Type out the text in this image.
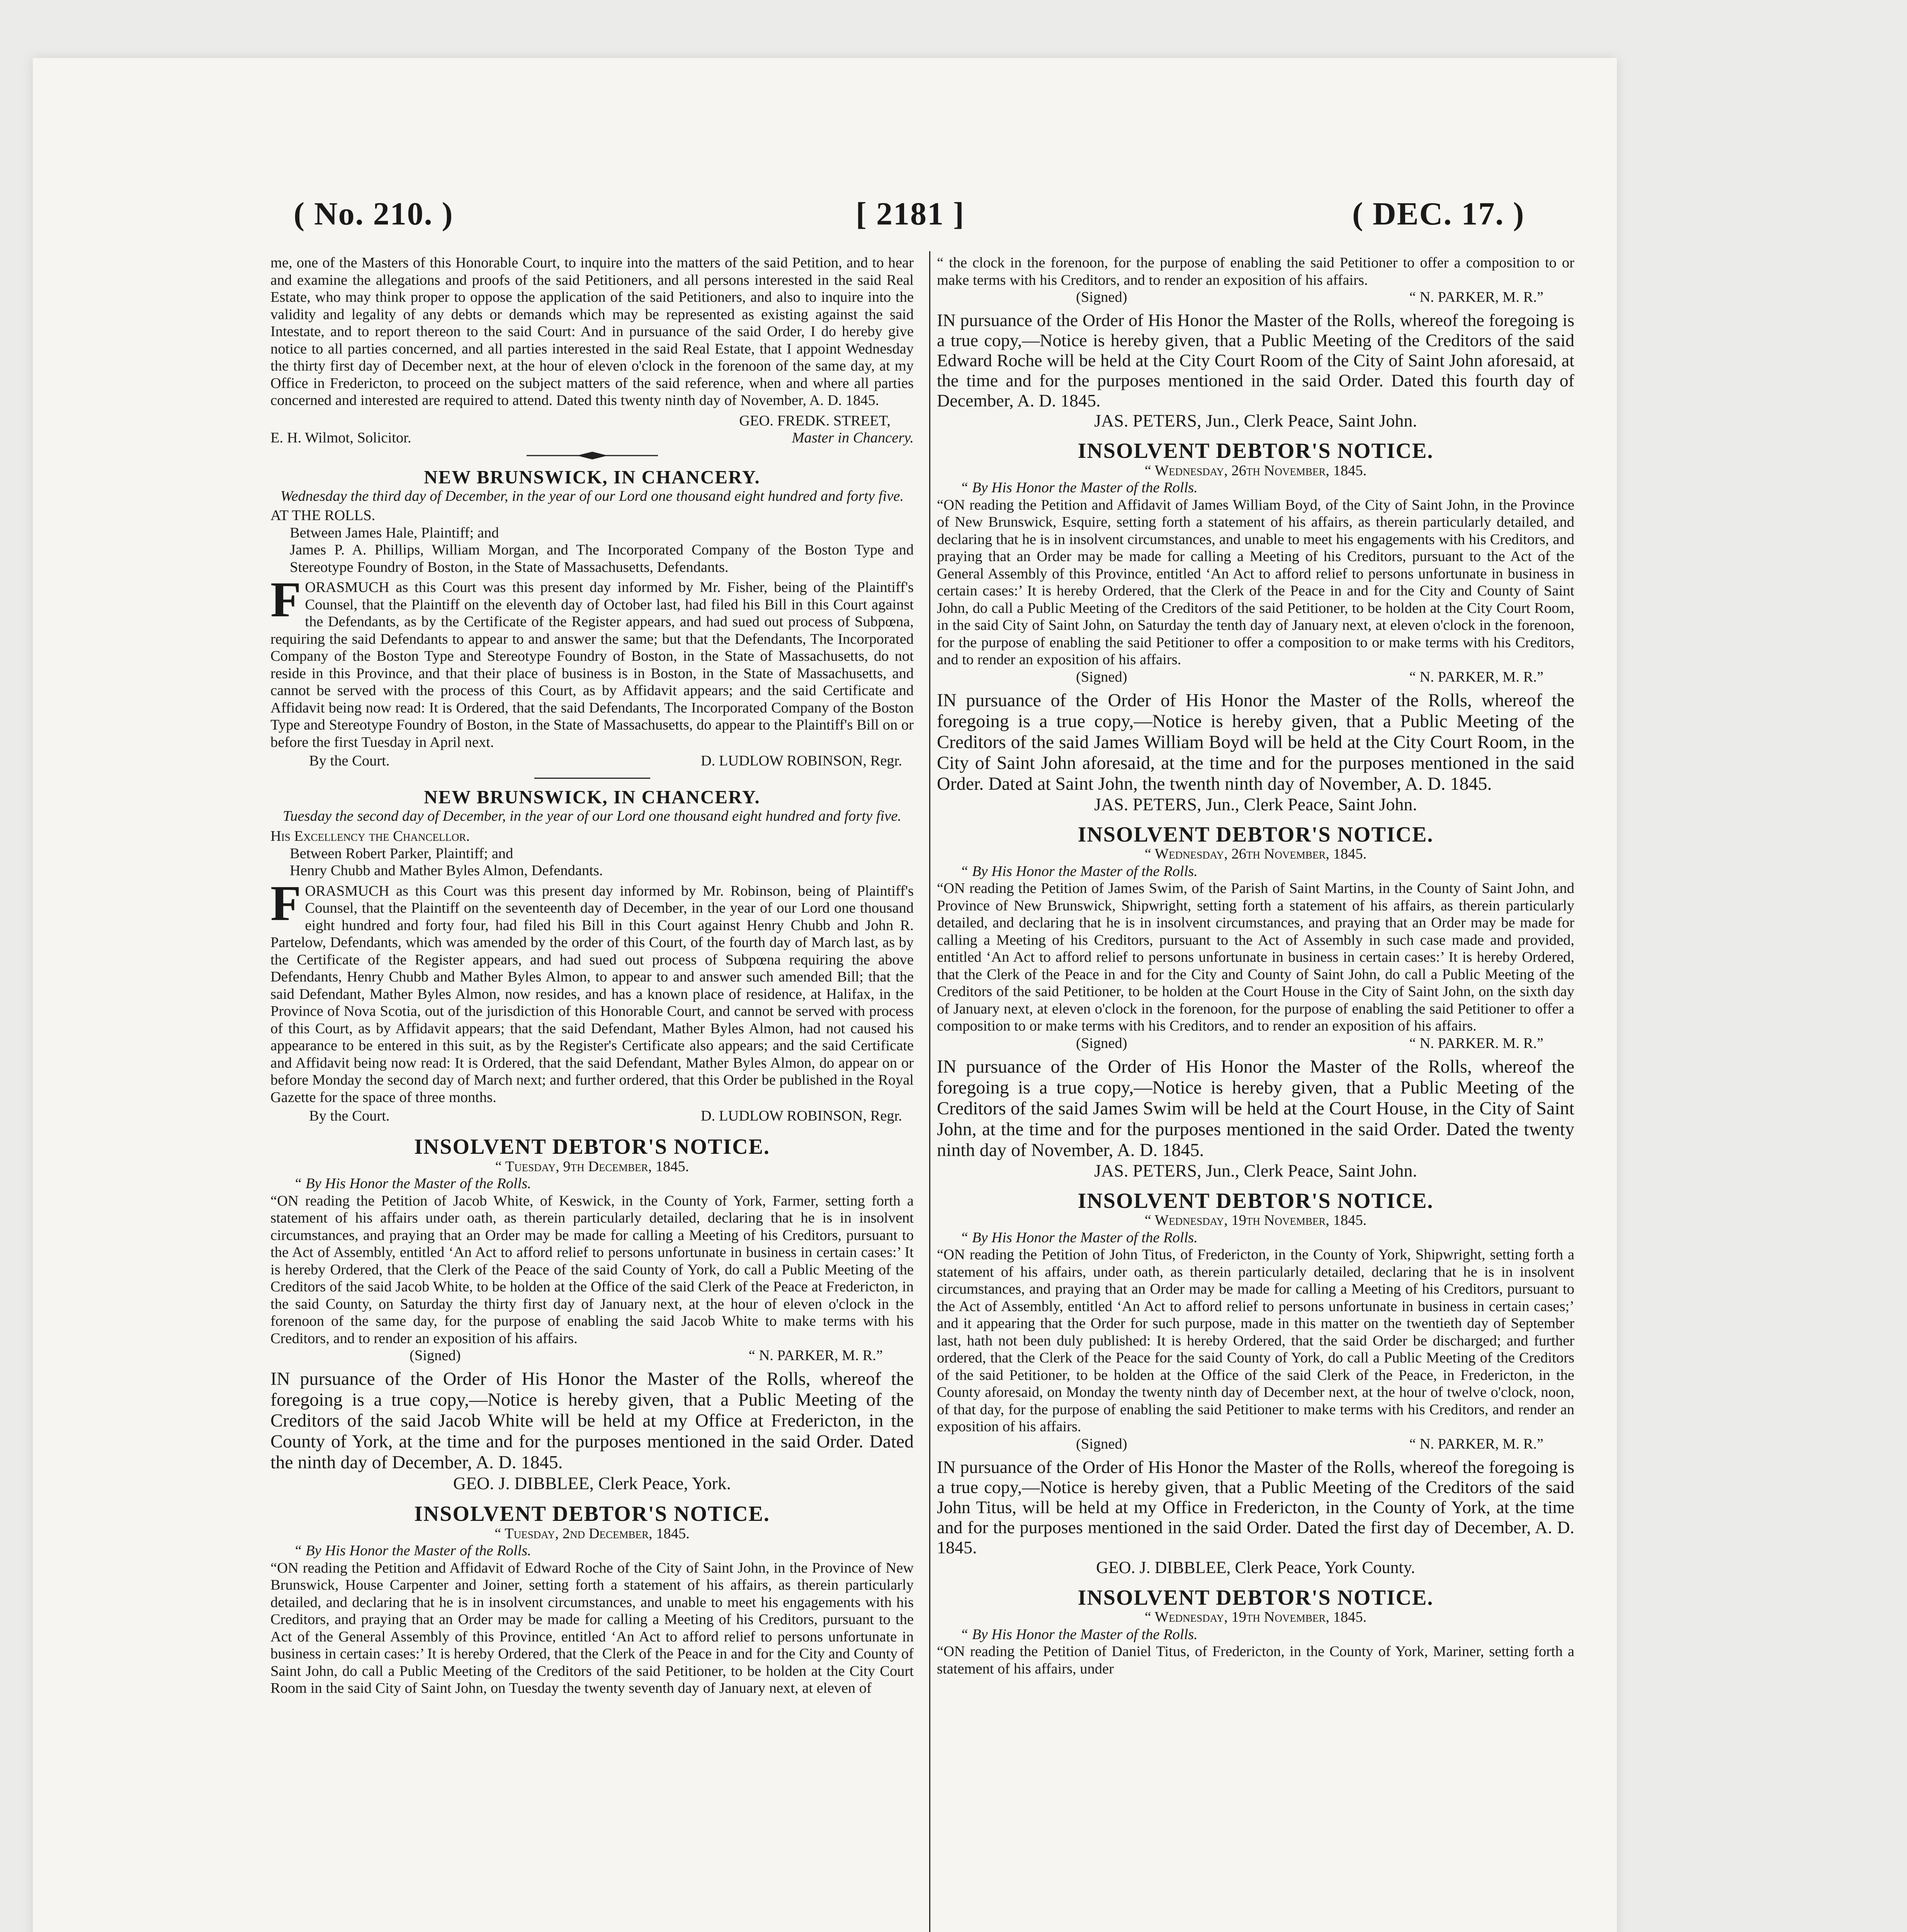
( No. 210. )	[ 2181 ]	( DEC. 17. )

me, one of the Masters of this Honorable Court, to inquire into the matters of the said Petition, and to hear and examine the allegations and proofs of the said Petitioners, and all persons interested in the said Real Estate, who may think proper to oppose the application of the said Petitioners, and also to inquire into the validity and legality of any debts or demands which may be represented as existing against the said Intestate, and to report thereon to the said Court: And in pursuance of the said Order, I do hereby give notice to all parties concerned, and all parties interested in the said Real Estate, that I appoint Wednesday the thirty first day of December next, at the hour of eleven o'clock in the forenoon of the same day, at my Office in Fredericton, to proceed on the subject matters of the said reference, when and where all parties concerned and interested are required to attend. Dated this twenty ninth day of November, A. D. 1845.

GEO. FREDK. STREET,
E. H. Wilmot, Solicitor.	Master in Chancery.
NEW BRUNSWICK, IN CHANCERY.

Wednesday the third day of December, in the year of our Lord one thousand eight hundred and forty five.

AT THE ROLLS.

Between James Hale, Plaintiff; and

James P. A. Phillips, William Morgan, and The Incorporated Company of the Boston Type and Stereotype Foundry of Boston, in the State of Massachusetts, Defendants.

FORASMUCH as this Court was this present day informed by Mr. Fisher, being of the Plaintiff's Counsel, that the Plaintiff on the eleventh day of October last, had filed his Bill in this Court against the Defendants, as by the Certificate of the Register appears, and had sued out process of Subpœna, requiring the said Defendants to appear to and answer the same; but that the Defendants, The Incorporated Company of the Boston Type and Stereotype Foundry of Boston, in the State of Massachusetts, do not reside in this Province, and that their place of business is in Boston, in the State of Massachusetts, and cannot be served with the process of this Court, as by Affidavit appears; and the said Certificate and Affidavit being now read: It is Ordered, that the said Defendants, The Incorporated Company of the Boston Type and Stereotype Foundry of Boston, in the State of Massachusetts, do appear to the Plaintiff's Bill on or before the first Tuesday in April next.

By the Court.	D. LUDLOW ROBINSON, Regr.
NEW BRUNSWICK, IN CHANCERY.

Tuesday the second day of December, in the year of our Lord one thousand eight hundred and forty five.

His Excellency the Chancellor.

Between Robert Parker, Plaintiff; and

Henry Chubb and Mather Byles Almon, Defendants.

FORASMUCH as this Court was this present day informed by Mr. Robinson, being of Plaintiff's Counsel, that the Plaintiff on the seventeenth day of December, in the year of our Lord one thousand eight hundred and forty four, had filed his Bill in this Court against Henry Chubb and John R. Partelow, Defendants, which was amended by the order of this Court, of the fourth day of March last, as by the Certificate of the Register appears, and had sued out process of Subpœna requiring the above Defendants, Henry Chubb and Mather Byles Almon, to appear to and answer such amended Bill; that the said Defendant, Mather Byles Almon, now resides, and has a known place of residence, at Halifax, in the Province of Nova Scotia, out of the jurisdiction of this Honorable Court, and cannot be served with process of this Court, as by Affidavit appears; that the said Defendant, Mather Byles Almon, had not caused his appearance to be entered in this suit, as by the Register's Certificate also appears; and the said Certificate and Affidavit being now read: It is Ordered, that the said Defendant, Mather Byles Almon, do appear on or before Monday the second day of March next; and further ordered, that this Order be published in the Royal Gazette for the space of three months.

By the Court.	D. LUDLOW ROBINSON, Regr.
INSOLVENT DEBTOR'S NOTICE.

“ Tuesday, 9th December, 1845.

“ By His Honor the Master of the Rolls.

“ON reading the Petition of Jacob White, of Keswick, in the County of York, Farmer, setting forth a statement of his affairs under oath, as therein particularly detailed, declaring that he is in insolvent circumstances, and praying that an Order may be made for calling a Meeting of his Creditors, pursuant to the Act of Assembly, entitled ‘An Act to afford relief to persons unfortunate in business in certain cases:’ It is hereby Ordered, that the Clerk of the Peace of the said County of York, do call a Public Meeting of the Creditors of the said Jacob White, to be holden at the Office of the said Clerk of the Peace at Fredericton, in the said County, on Saturday the thirty first day of January next, at the hour of eleven o'clock in the forenoon of the same day, for the purpose of enabling the said Jacob White to make terms with his Creditors, and to render an exposition of his affairs.

(Signed)	“ N. PARKER, M. R.”

IN pursuance of the Order of His Honor the Master of the Rolls, whereof the foregoing is a true copy,—Notice is hereby given, that a Public Meeting of the Creditors of the said Jacob White will be held at my Office at Fredericton, in the County of York, at the time and for the purposes mentioned in the said Order. Dated the ninth day of December, A. D. 1845.

GEO. J. DIBBLEE, Clerk Peace, York.

INSOLVENT DEBTOR'S NOTICE.

“ Tuesday, 2nd December, 1845.

“ By His Honor the Master of the Rolls.

“ON reading the Petition and Affidavit of Edward Roche of the City of Saint John, in the Province of New Brunswick, House Carpenter and Joiner, setting forth a statement of his affairs, as therein particularly detailed, and declaring that he is in insolvent circumstances, and unable to meet his engagements with his Creditors, and praying that an Order may be made for calling a Meeting of his Creditors, pursuant to the Act of the General Assembly of this Province, entitled ‘An Act to afford relief to persons unfortunate in business in certain cases:’ It is hereby Ordered, that the Clerk of the Peace in and for the City and County of Saint John, do call a Public Meeting of the Creditors of the said Petitioner, to be holden at the City Court Room in the said City of Saint John, on Tuesday the twenty seventh day of January next, at eleven of

“ the clock in the forenoon, for the purpose of enabling the said Petitioner to offer a composition to or make terms with his Creditors, and to render an exposition of his affairs.

(Signed)	“ N. PARKER, M. R.”

IN pursuance of the Order of His Honor the Master of the Rolls, whereof the foregoing is a true copy,—Notice is hereby given, that a Public Meeting of the Creditors of the said Edward Roche will be held at the City Court Room of the City of Saint John aforesaid, at the time and for the purposes mentioned in the said Order. Dated this fourth day of December, A. D. 1845.

JAS. PETERS, Jun., Clerk Peace, Saint John.

INSOLVENT DEBTOR'S NOTICE.

“ Wednesday, 26th November, 1845.

“ By His Honor the Master of the Rolls.

“ON reading the Petition and Affidavit of James William Boyd, of the City of Saint John, in the Province of New Brunswick, Esquire, setting forth a statement of his affairs, as therein particularly detailed, and declaring that he is in insolvent circumstances, and unable to meet his engagements with his Creditors, and praying that an Order may be made for calling a Meeting of his Creditors, pursuant to the Act of the General Assembly of this Province, entitled ‘An Act to afford relief to persons unfortunate in business in certain cases:’ It is hereby Ordered, that the Clerk of the Peace in and for the City and County of Saint John, do call a Public Meeting of the Creditors of the said Petitioner, to be holden at the City Court Room, in the said City of Saint John, on Saturday the tenth day of January next, at eleven o'clock in the forenoon, for the purpose of enabling the said Petitioner to offer a composition to or make terms with his Creditors, and to render an exposition of his affairs.

(Signed)	“ N. PARKER, M. R.”

IN pursuance of the Order of His Honor the Master of the Rolls, whereof the foregoing is a true copy,—Notice is hereby given, that a Public Meeting of the Creditors of the said James William Boyd will be held at the City Court Room, in the City of Saint John aforesaid, at the time and for the purposes mentioned in the said Order. Dated at Saint John, the twenth ninth day of November, A. D. 1845.

JAS. PETERS, Jun., Clerk Peace, Saint John.

INSOLVENT DEBTOR'S NOTICE.

“ Wednesday, 26th November, 1845.

“ By His Honor the Master of the Rolls.

“ON reading the Petition of James Swim, of the Parish of Saint Martins, in the County of Saint John, and Province of New Brunswick, Shipwright, setting forth a statement of his affairs, as therein particularly detailed, and declaring that he is in insolvent circumstances, and praying that an Order may be made for calling a Meeting of his Creditors, pursuant to the Act of Assembly in such case made and provided, entitled ‘An Act to afford relief to persons unfortunate in business in certain cases:’ It is hereby Ordered, that the Clerk of the Peace in and for the City and County of Saint John, do call a Public Meeting of the Creditors of the said Petitioner, to be holden at the Court House in the City of Saint John, on the sixth day of January next, at eleven o'clock in the forenoon, for the purpose of enabling the said Petitioner to offer a composition to or make terms with his Creditors, and to render an exposition of his affairs.

(Signed)	“ N. PARKER. M. R.”

IN pursuance of the Order of His Honor the Master of the Rolls, whereof the foregoing is a true copy,—Notice is hereby given, that a Public Meeting of the Creditors of the said James Swim will be held at the Court House, in the City of Saint John, at the time and for the purposes mentioned in the said Order. Dated the twenty ninth day of November, A. D. 1845.

JAS. PETERS, Jun., Clerk Peace, Saint John.

INSOLVENT DEBTOR'S NOTICE.

“ Wednesday, 19th November, 1845.

“ By His Honor the Master of the Rolls.

“ON reading the Petition of John Titus, of Fredericton, in the County of York, Shipwright, setting forth a statement of his affairs, under oath, as therein particularly detailed, declaring that he is in insolvent circumstances, and praying that an Order may be made for calling a Meeting of his Creditors, pursuant to the Act of Assembly, entitled ‘An Act to afford relief to persons unfortunate in business in certain cases;’ and it appearing that the Order for such purpose, made in this matter on the twentieth day of September last, hath not been duly published: It is hereby Ordered, that the said Order be discharged; and further ordered, that the Clerk of the Peace for the said County of York, do call a Public Meeting of the Creditors of the said Petitioner, to be holden at the Office of the said Clerk of the Peace, in Fredericton, in the County aforesaid, on Monday the twenty ninth day of December next, at the hour of twelve o'clock, noon, of that day, for the purpose of enabling the said Petitioner to make terms with his Creditors, and render an exposition of his affairs.

(Signed)	“ N. PARKER, M. R.”

IN pursuance of the Order of His Honor the Master of the Rolls, whereof the foregoing is a true copy,—Notice is hereby given, that a Public Meeting of the Creditors of the said John Titus, will be held at my Office in Fredericton, in the County of York, at the time and for the purposes mentioned in the said Order. Dated the first day of December, A. D. 1845.

GEO. J. DIBBLEE, Clerk Peace, York County.

INSOLVENT DEBTOR'S NOTICE.

“ Wednesday, 19th November, 1845.

“ By His Honor the Master of the Rolls.

“ON reading the Petition of Daniel Titus, of Fredericton, in the County of York, Mariner, setting forth a statement of his affairs, under
